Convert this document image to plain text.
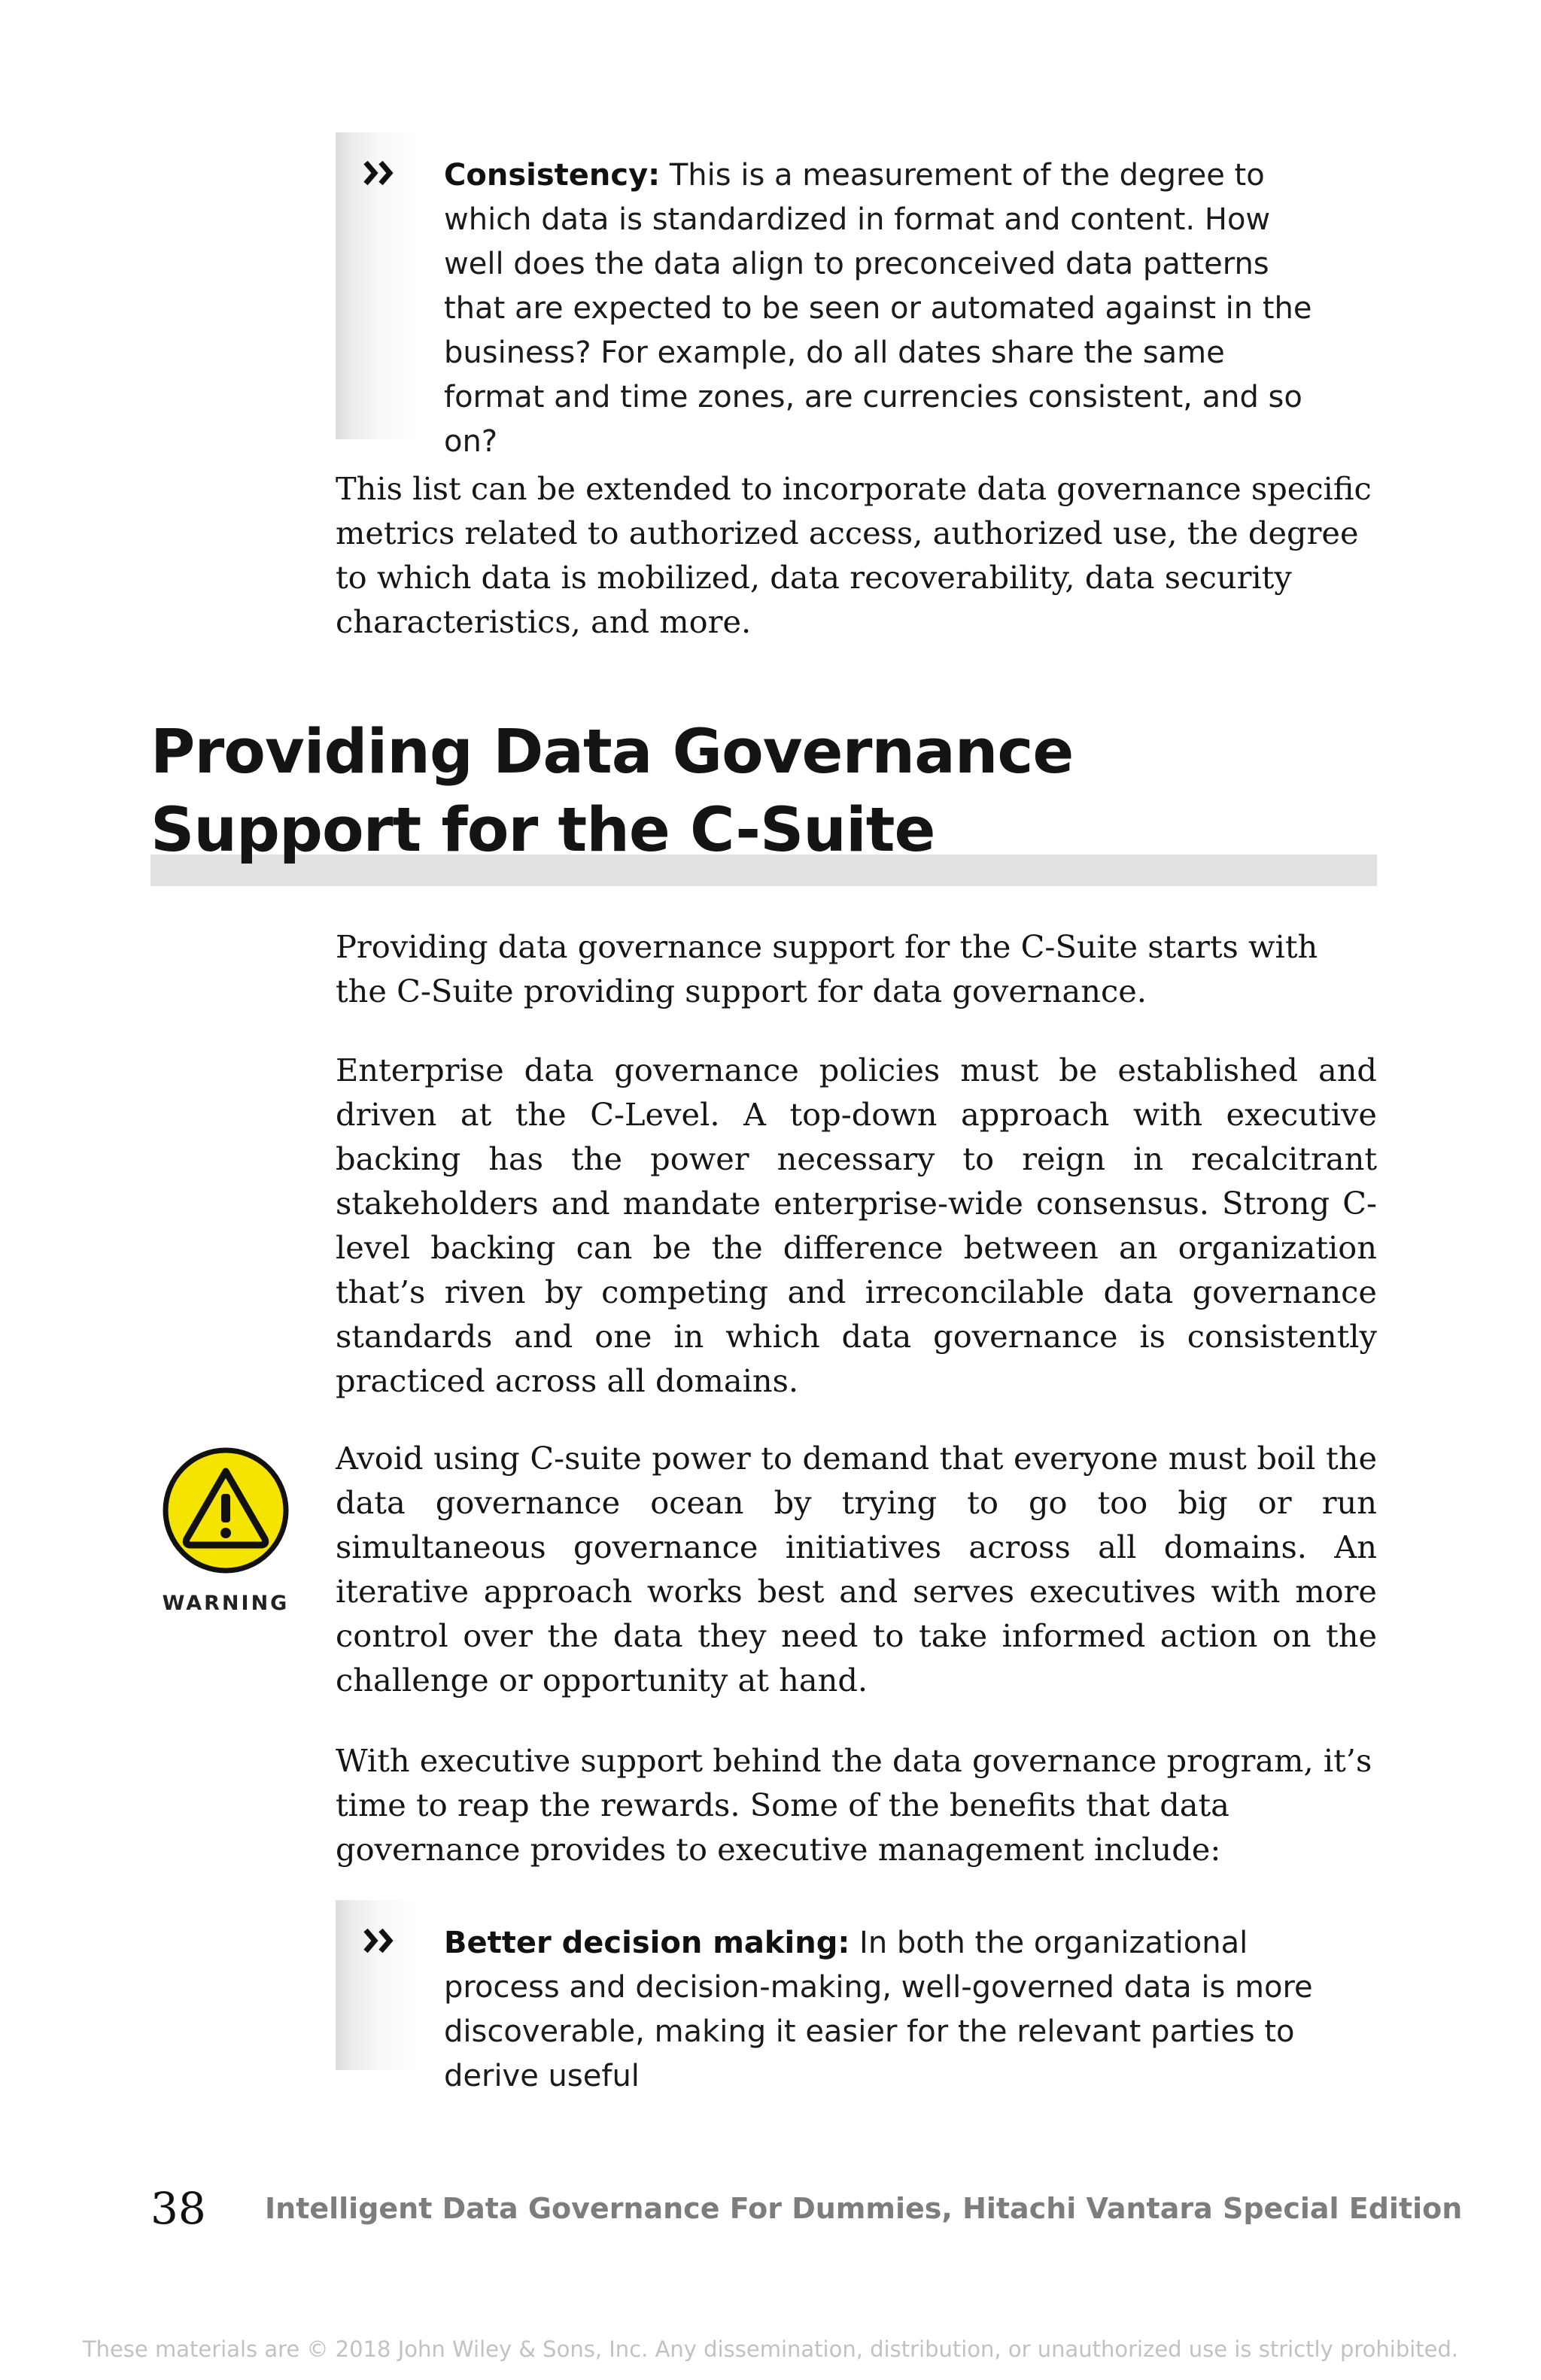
Consistency: This is a measurement of the degree to which data is standardized in format and content. How well does the data align to preconceived data patterns that are expected to be seen or automated against in the business? For example, do all dates share the same format and time zones, are currencies consistent, and so on?

This list can be extended to incorporate data governance specific metrics related to authorized access, authorized use, the degree to which data is mobilized, data recoverability, data security characteristics, and more.

Providing Data Governance
Support for the C-Suite

Providing data governance support for the C-Suite starts with the C-Suite providing support for data governance.

Enterprise data governance policies must be established and driven at the C-Level. A top-down approach with executive backing has the power necessary to reign in recalcitrant stakeholders and mandate enterprise-wide consensus. Strong C-level backing can be the difference between an organization that’s riven by competing and irreconcilable data governance standards and one in which data governance is consistently practiced across all domains.

WARNING

Avoid using C-suite power to demand that everyone must boil the data governance ocean by trying to go too big or run simultaneous governance initiatives across all domains. An iterative approach works best and serves executives with more control over the data they need to take informed action on the challenge or opportunity at hand.

With executive support behind the data governance program, it’s time to reap the rewards. Some of the benefits that data governance provides to executive management include:

Better decision making: In both the organizational process and decision-making, well-governed data is more discoverable, making it easier for the relevant parties to derive useful
38 Intelligent Data Governance For Dummies, Hitachi Vantara Special Edition
These materials are © 2018 John Wiley & Sons, Inc. Any dissemination, distribution, or unauthorized use is strictly prohibited.
